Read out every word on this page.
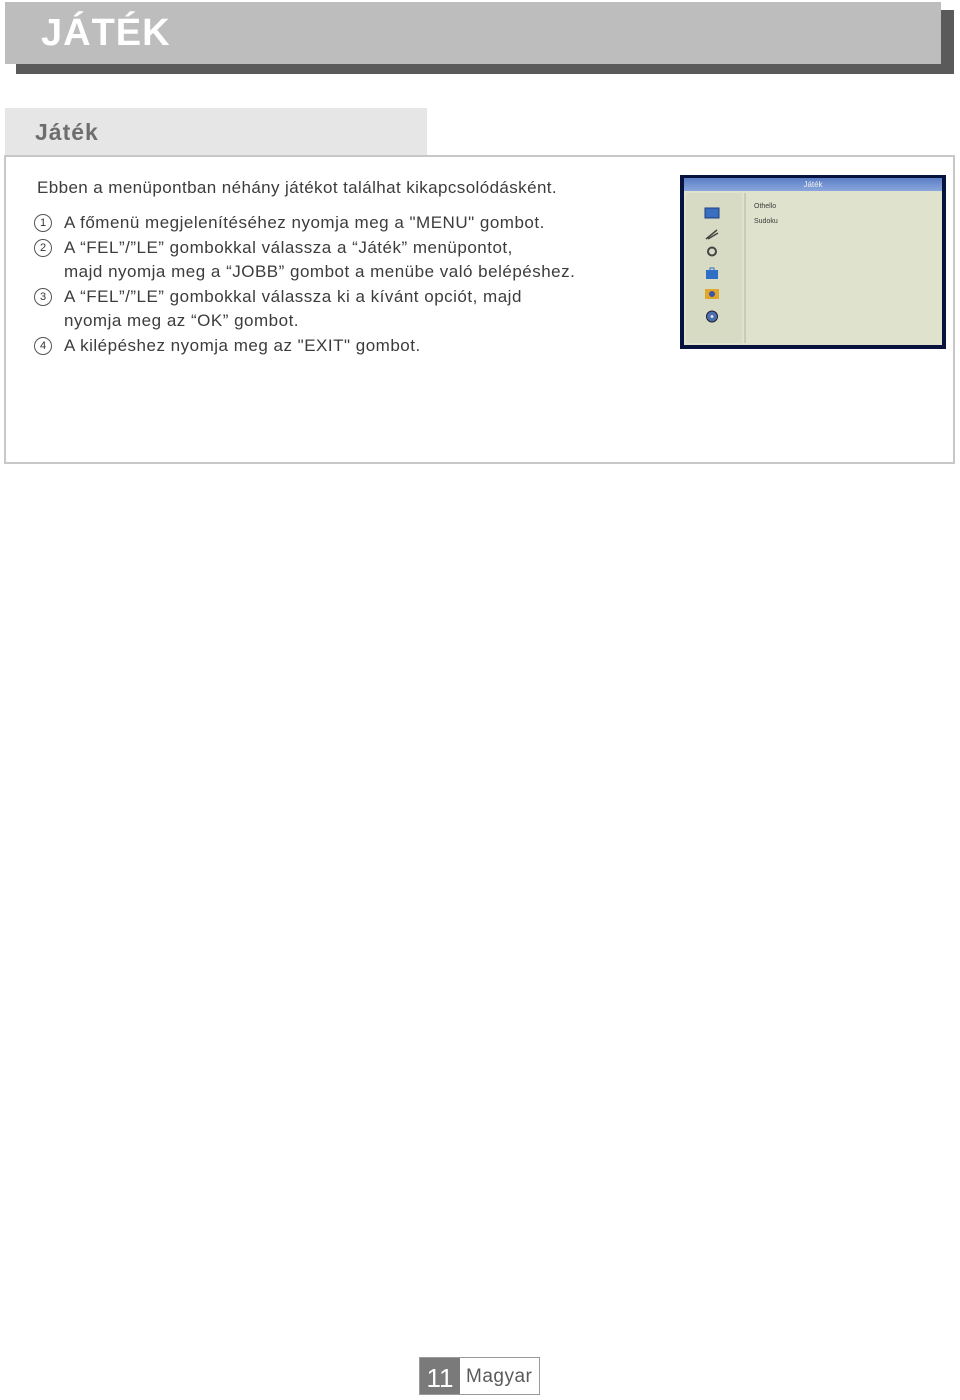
JÁTÉK
Játék
Ebben a menüpontban néhány játékot találhat kikapcsolódásként.
1	A főmenü megjelenítéséhez nyomja meg a "MENU" gombot.
2	A “FEL”/”LE” gombokkal válassza a “Játék” menüpontot,
majd nyomja meg a “JOBB” gombot a menübe való belépéshez.
3	A “FEL”/”LE” gombokkal válassza ki a kívánt opciót, majd
nyomja meg az “OK” gombot.
4	A kilépéshez nyomja meg az "EXIT" gombot.
Játék
Othello
Sudoku
11 Magyar
